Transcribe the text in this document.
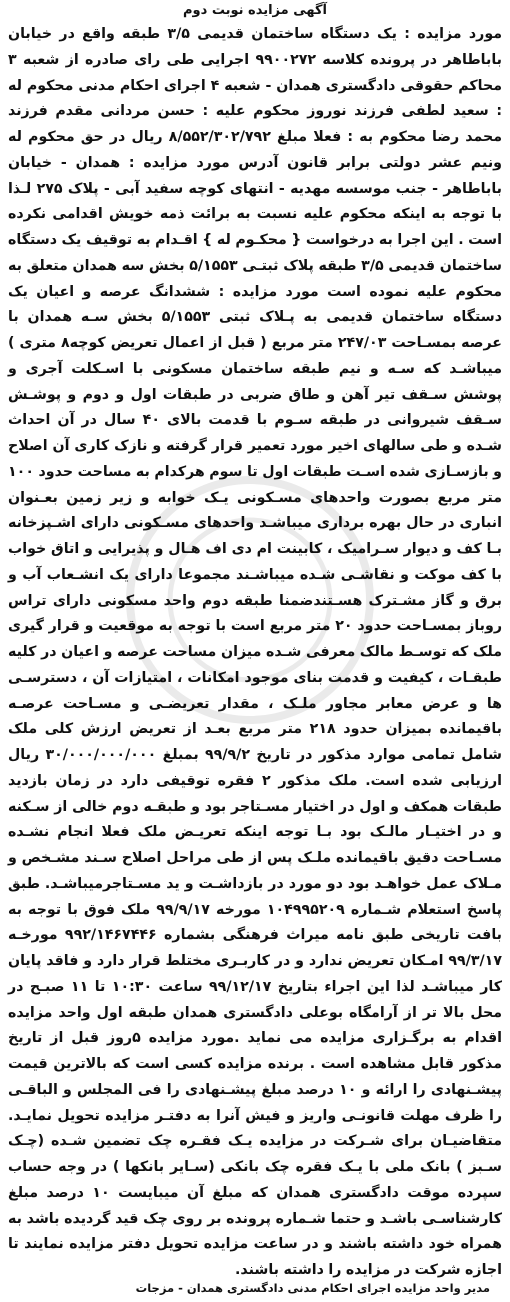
آگهی مزایده نوبت دوم

مورد مزایده : یک دستگاه ساختمان قدیمی ۳/۵ طبقه واقع در خیابان باباطاهر در پرونده کلاسه ۹۹۰۰۲۷۲ اجرایی طی رای صادره از شعبه ۳ محاکم حقوقی دادگستری همدان - شعبه ۴ اجرای احکام مدنی محکوم له : سعید لطفی فرزند نوروز محکوم علیه : حسن مردانی مقدم فرزند محمد رضا محکوم به : فعلا مبلغ ۸/۵۵۲/۳۰۲/۷۹۲ ریال در حق محکوم له ونیم عشر دولتی برابر قانون آدرس مورد مزایده : همدان - خیابان باباطاهر - جنب موسسه مهدیه - انتهای کوچه سفید آبی - پلاک ۲۷۵ لـذا با توجه به اینکه محکوم علیه نسبت به برائت ذمه خویش اقدامی نکرده است . این اجرا به درخواست { محکـوم له } اقـدام به توقیف یک دستگاه ساختمان قدیمی ۳/۵ طبقه پلاک ثبتـی ۵/۱۵۵۳ بخش سه همدان متعلق به محکوم علیه نموده است مورد مزایده : ششدانگ عرصه و اعیان یک دستگاه ساختمان قدیمی به پـلاک ثبتی ۵/۱۵۵۳ بخش سـه همدان با عرصه بمسـاحت ۲۴۷/۰۳ متر مربع ( قبل از اعمال تعریض کوچه۸ متری ) میباشـد که سـه و نیم طبقه ساختمان مسکونی با اسـکلت آجری و پوشش سـقف تیر آهن و طاق ضربی در طبقات اول و دوم و پوشـش سـقف شیروانی در طبقه سـوم با قدمت بالای ۴۰ سال در آن احداث شـده و طی سالهای اخیر مورد تعمیر قرار گرفته و نازک کاری آن اصلاح و بازسـازی شده اسـت طبقات اول تا سوم هرکدام به مساحت حدود ۱۰۰ متر مربع بصورت واحدهای مسـکونی یـک خوابه و زیر زمین بعـنوان انباری در حال بهره برداری میباشـد واحدهای مسـکونی دارای اشـپزخانه بـا کف و دیوار سـرامیک ، کابینت ام دی اف هـال و پذیرایی و اتاق خواب با کف موکت و نقاشـی شـده میباشـند مجموعا دارای یک انشـعاب آب و برق و گاز مشـترک هسـتندضمنا طبقه دوم واحد مسکونی دارای تراس روباز بمسـاحت حدود ۲۰ متر مربع است با توجه به موقعیت و قرار گیری ملک که توسـط مالک معرفی شـده میزان مساحت عرصه و اعیان در کلیه طبقـات ، کیفیت و قدمت بنای موجود امکانات ، امتیازات آن ، دسترسـی ها و عرض معابر مجاور ملـک ، مقدار تعریضـی و مسـاحت عرصـه باقیمانده بمیزان حدود ۲۱۸ متر مربع بعـد از تعریض ارزش کلی ملک شامل تمامی موارد مذکور در تاریخ ۹۹/۹/۲ بمبلغ ۳۰/۰۰۰/۰۰۰/۰۰۰ ریال ارزیابی شده است. ملک مذکور ۲ فقره توقیفی دارد در زمان بازدید طبقات همکف و اول در اختیار مسـتاجر بود و طبقـه دوم خالی از سـکنه و در اختیـار مالـک بود بـا توجه اینکه تعریـض ملک فعلا انجام نشـده مسـاحت دقیق باقیمانده ملـک پس از طی مراحل اصلاح سـند مشـخص و مـلاک عمل خواهـد بود دو مورد در بازداشـت و ید مسـتاجرمیباشـد. طبق پاسخ استعلام شـماره ۱۰۴۹۹۵۲۰۹ مورخه ۹۹/۹/۱۷ ملک فوق با توجه به بافت تاریخی طبق نامه میراث فرهنگی بشماره ۹۹۲/۱۴۶۷۴۴۶ مورخـه ۹۹/۳/۱۷ امـکان تعریض ندارد و در کاربـری مختلط قرار دارد و فاقد پایان کار میباشـد لذا این اجراء بتاریخ ۹۹/۱۲/۱۷ ساعت ۱۰:۳۰ تا ۱۱ صبـح در محل بالا تر از آرامگاه بوعلی دادگستری همدان طبقه اول واحد مزایده اقدام به برگـزاری مزایده می نماید .مورد مزایده ۵روز قبل از تاریخ مذکور قابل مشاهده است . برنده مزایده کسی است که بالاترین قیمت پیشـنهادی را ارائه و ۱۰ درصد مبلغ پیشـنهادی را فی المجلس و الباقـی را ظرف مهلت قانونـی واریز و فیش آنرا به دفتـر مزایده تحویل نمایـد. متقاضیـان برای شـرکت در مزایده یـک فقـره چک تضمین شـده (چـک سـبز ) بانک ملی با یـک فقره چک بانکی (سـایر بانکها ) در وجه حساب سپرده موقت دادگستری همدان که مبلغ آن میبایست ۱۰ درصد مبلغ کارشناسـی باشـد و حتما شـماره پرونده بر روی چک قید گردیده باشد به همراه خود داشته باشند و در ساعت مزایده تحویل دفتر مزایده نمایند تا اجازه شرکت در مزایده را داشته باشند.

مدیر واحد مزایده اجرای احکام مدنی دادگستری همدان - مزجات
